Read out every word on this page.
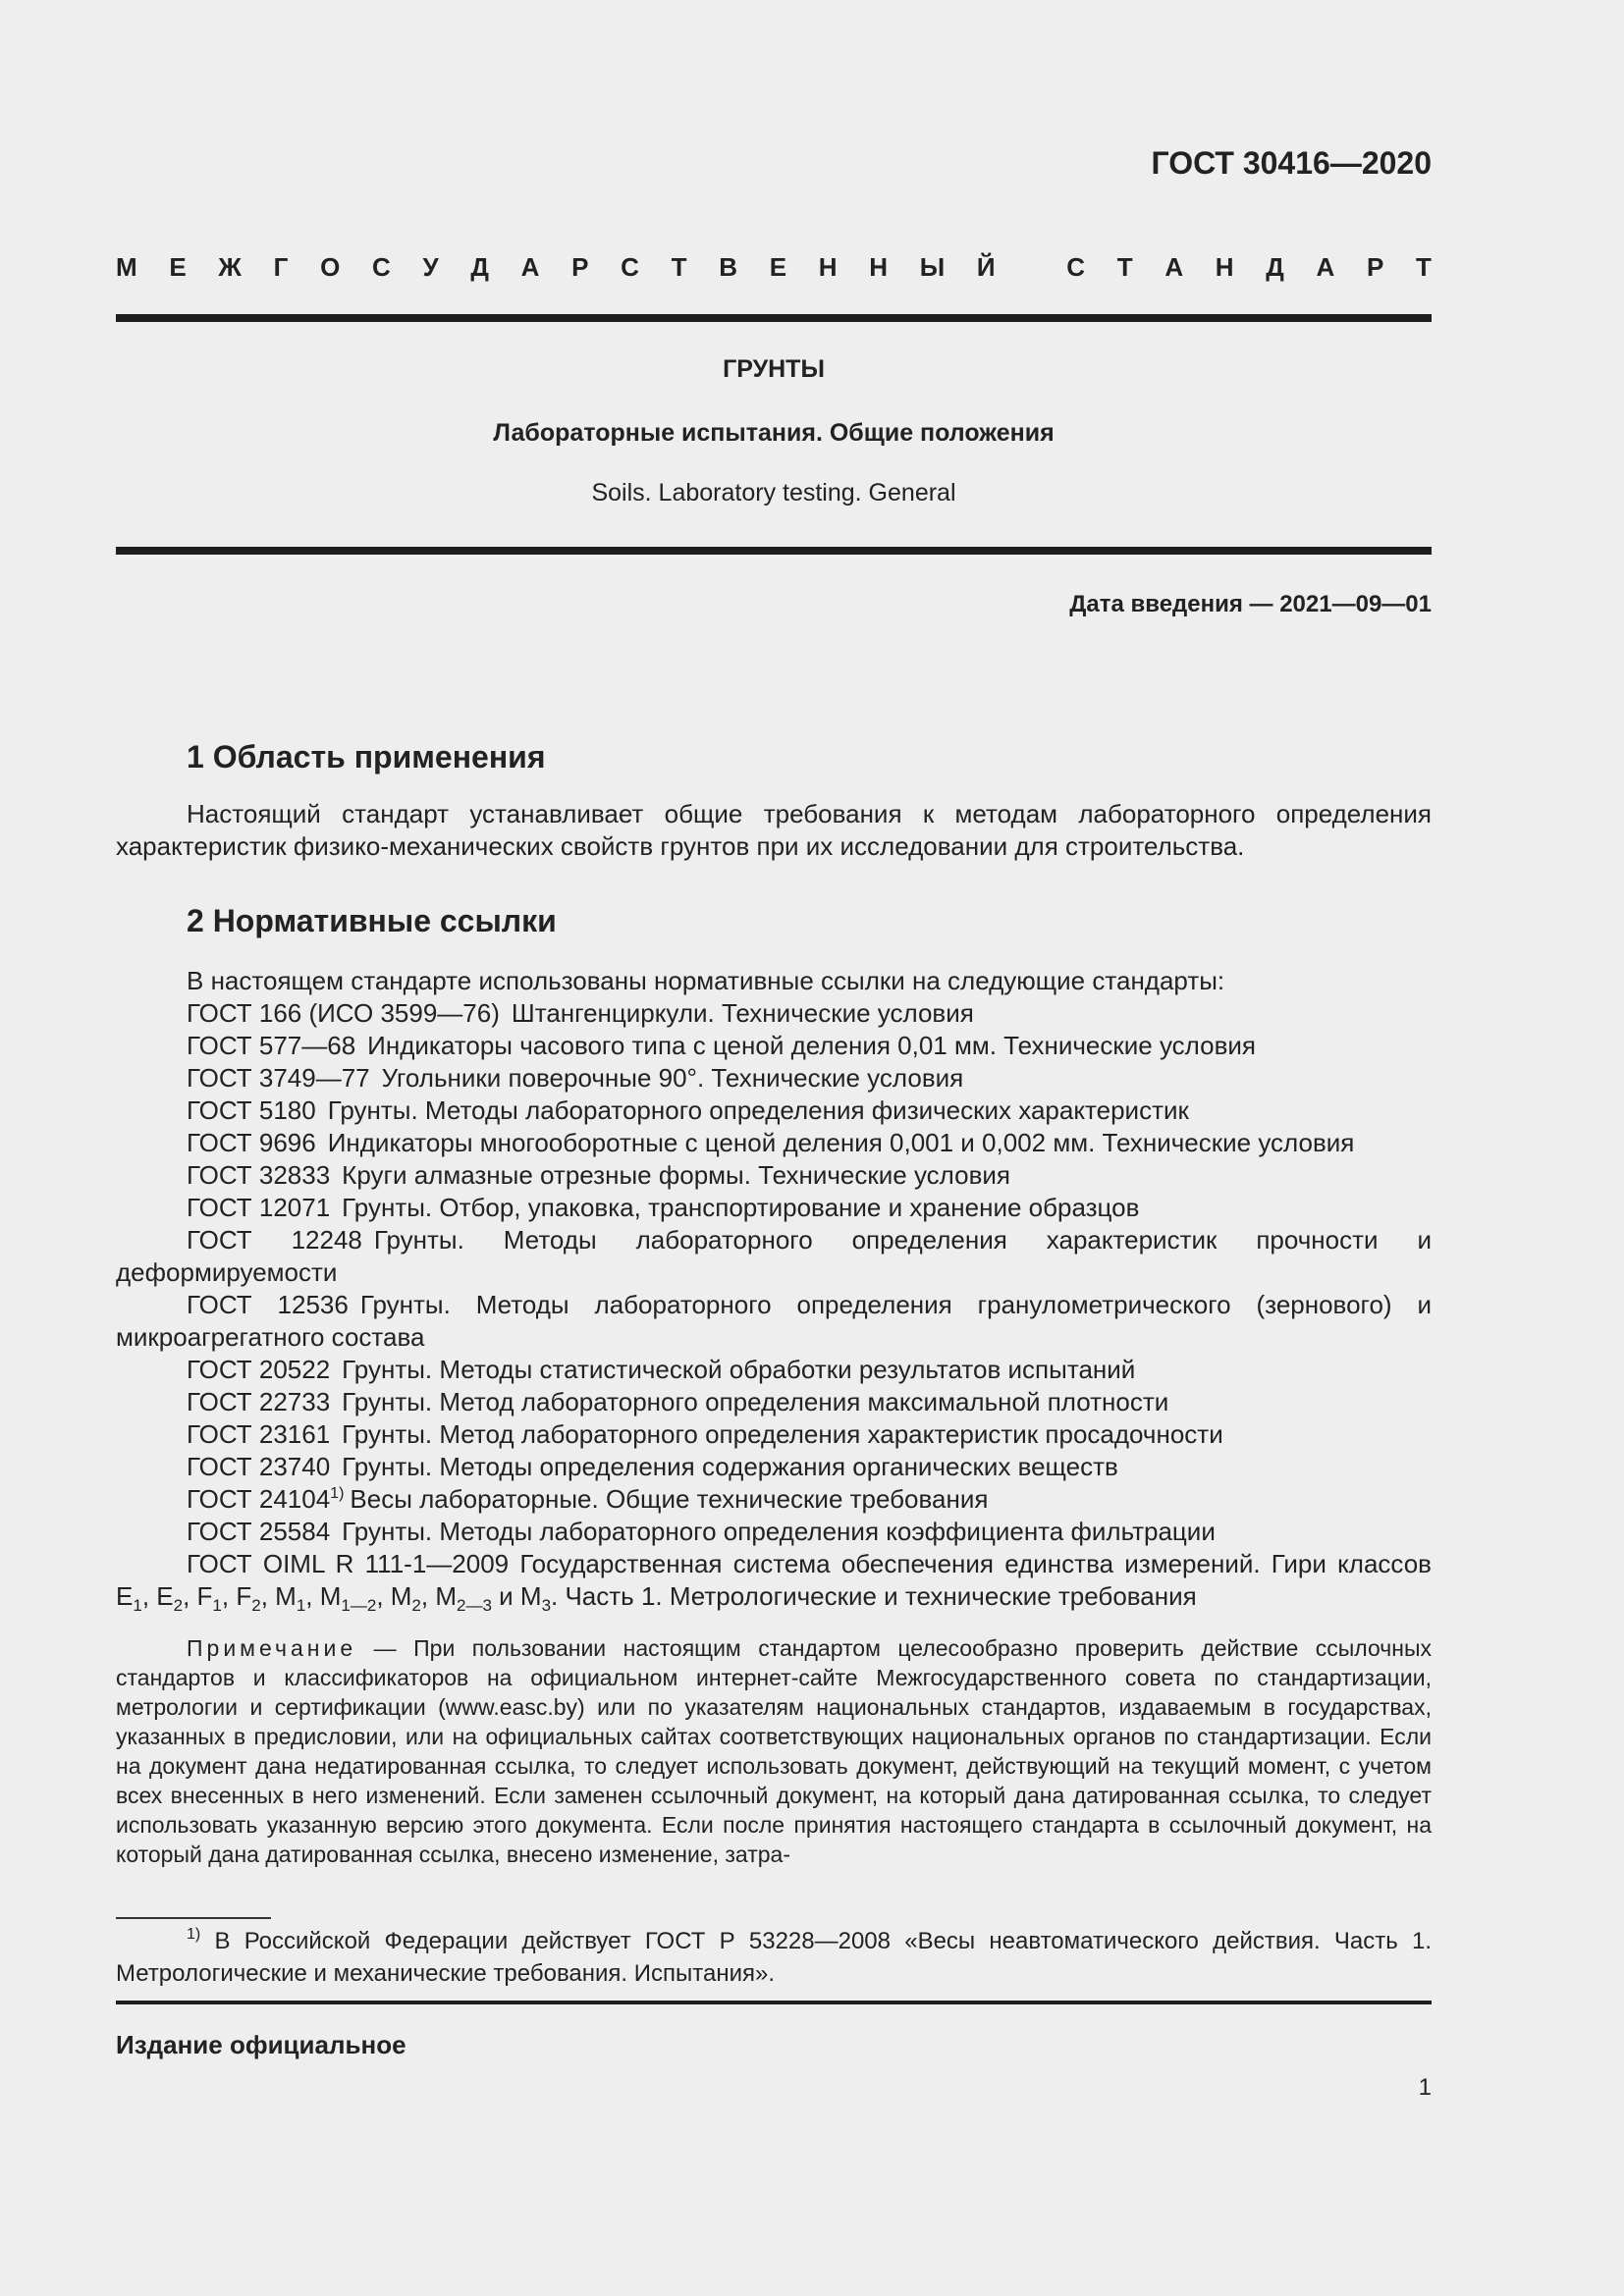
ГОСТ 30416—2020
М Е Ж Г О С У Д А Р С Т В Е Н Н Ы Й
	С Т А Н Д А Р Т
ГРУНТЫ
Лабораторные испытания. Общие положения
Soils. Laboratory testing. General
Дата введения — 2021—09—01
1 Область применения
Настоящий стандарт устанавливает общие требования к методам лабораторного определения характеристик физико-механических свойств грунтов при их исследовании для строительства.
2 Нормативные ссылки
В настоящем стандарте использованы нормативные ссылки на следующие стандарты:
ГОСТ 166 (ИСО 3599—76) Штангенциркули. Технические условия
ГОСТ 577—68 Индикаторы часового типа с ценой деления 0,01 мм. Технические условия
ГОСТ 3749—77 Угольники поверочные 90°. Технические условия
ГОСТ 5180 Грунты. Методы лабораторного определения физических характеристик
ГОСТ 9696 Индикаторы многооборотные с ценой деления 0,001 и 0,002 мм. Технические условия
ГОСТ 32833 Круги алмазные отрезные формы. Технические условия
ГОСТ 12071 Грунты. Отбор, упаковка, транспортирование и хранение образцов
ГОСТ 12248 Грунты. Методы лабораторного определения характеристик прочности и деформируемости
ГОСТ 12536 Грунты. Методы лабораторного определения гранулометрического (зернового) и микроагрегатного состава
ГОСТ 20522 Грунты. Методы статистической обработки результатов испытаний
ГОСТ 22733 Грунты. Метод лабораторного определения максимальной плотности
ГОСТ 23161 Грунты. Метод лабораторного определения характеристик просадочности
ГОСТ 23740 Грунты. Методы определения содержания органических веществ
ГОСТ 24104$^{1)}$ Весы лабораторные. Общие технические требования
ГОСТ 25584 Грунты. Методы лабораторного определения коэффициента фильтрации
ГОСТ OIML R 111-1—2009 Государственная система обеспечения единства измерений. Гири классов $E_1$, $E_2$, $F_1$, $F_2$, $M_1$, $M_{1—2}$, $M_2$, $M_{2—3}$ и $M_3$. Часть 1. Метрологические и технические требования
Примечание — При пользовании настоящим стандартом целесообразно проверить действие ссылочных стандартов и классификаторов на официальном интернет-сайте Межгосударственного совета по стандартизации, метрологии и сертификации (www.easc.by) или по указателям национальных стандартов, издаваемым в государствах, указанных в предисловии, или на официальных сайтах соответствующих национальных органов по стандартизации. Если на документ дана недатированная ссылка, то следует использовать документ, действующий на текущий момент, с учетом всех внесенных в него изменений. Если заменен ссылочный документ, на который дана датированная ссылка, то следует использовать указанную версию этого документа. Если после принятия настоящего стандарта в ссылочный документ, на который дана датированная ссылка, внесено изменение, затра-
$^{1)}$ В Российской Федерации действует ГОСТ Р 53228—2008 «Весы неавтоматического действия. Часть 1. Метрологические и механические требования. Испытания».
Издание официальное
1
